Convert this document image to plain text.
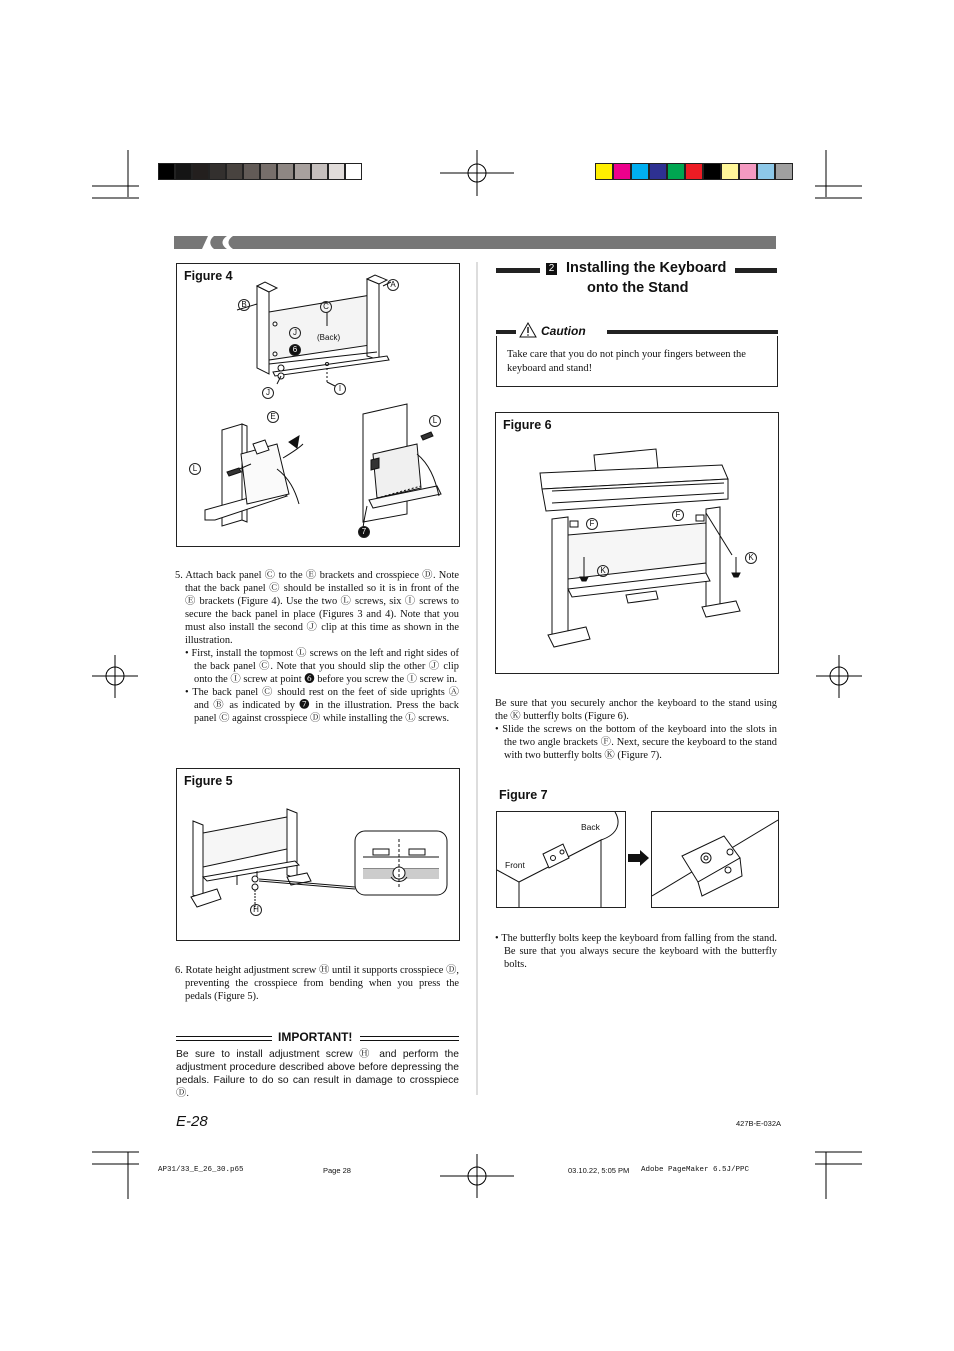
Figure 4
A
B	C
(Back)
J
6
J	I
E	L
L
7

5. Attach back panel Ⓒ to the Ⓔ brackets and crosspiece Ⓓ. Note that the back panel Ⓒ should be installed so it is in front of the Ⓔ brackets (Figure 4). Use the two Ⓛ screws, six Ⓘ screws to secure the back panel in place (Figures 3 and 4). Note that you must also install the second Ⓙ clip at this time as shown in the illustration.

• First, install the topmost Ⓛ screws on the left and right sides of the back panel Ⓒ. Note that you should slip the other Ⓙ clip onto the Ⓘ screw at point ❻ before you screw the Ⓘ screw in.

• The back panel Ⓒ should rest on the feet of side uprights Ⓐ and Ⓑ as indicated by ❼ in the illustration. Press the back panel Ⓒ against crosspiece Ⓓ while installing the Ⓛ screws.

Figure 5
H

6. Rotate height adjustment screw Ⓗ until it supports crosspiece Ⓓ, preventing the crosspiece from bending when you press the pedals (Figure 5).

IMPORTANT!
Be sure to install adjustment screw Ⓗ and perform the adjustment procedure described above before depressing the pedals. Failure to do so can result in damage to crosspiece Ⓓ.
E-28
2 Installing the Keyboard
onto the Stand
Caution
Take care that you do not pinch your fingers between the keyboard and stand!
Figure 6
F
F
K
K

Be sure that you securely anchor the keyboard to the stand using the Ⓚ butterfly bolts (Figure 6).

• Slide the screws on the bottom of the keyboard into the slots in the two angle brackets Ⓕ. Next, secure the keyboard to the stand with two butterfly bolts Ⓚ (Figure 7).

Figure 7
Back
Front

• The butterfly bolts keep the keyboard from falling from the stand. Be sure that you always secure the keyboard with the butterfly bolts.

427B-E-032A
AP31/33_E_26_30.p65	Page 28	03.10.22, 5:05 PM Adobe PageMaker 6.5J/PPC
